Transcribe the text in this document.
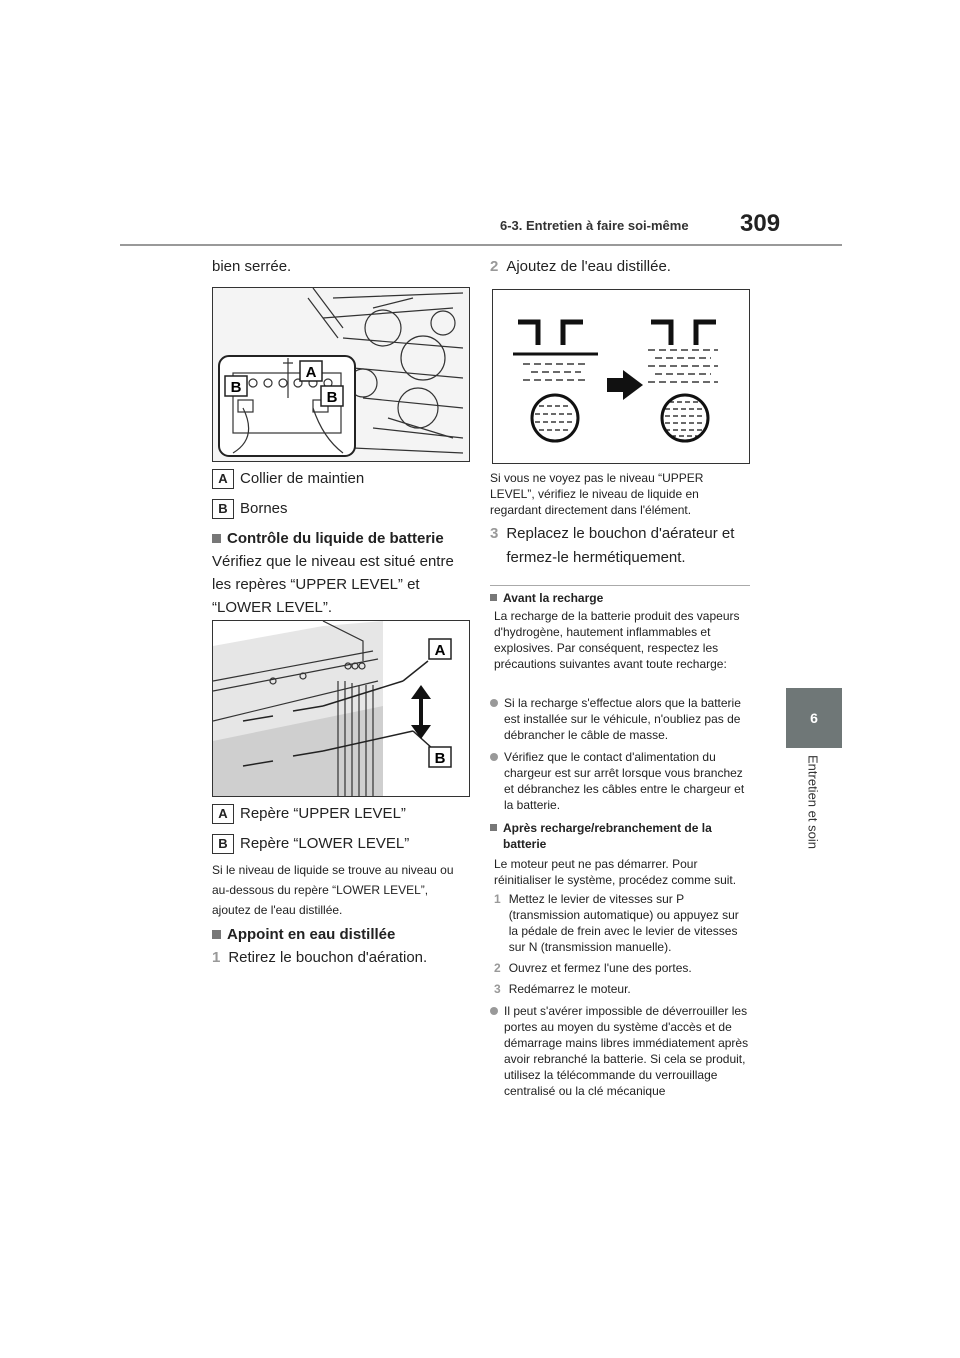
6-3. Entretien à faire soi-même 309
6
Entretien et soin
bien serrée.
B
A
B
A Collier de maintien
B Bornes
Contrôle du liquide de batterie
Vérifiez que le niveau est situé entre les repères “UPPER LEVEL” et “LOWER LEVEL”.
A
B
A Repère “UPPER LEVEL”
B Repère “LOWER LEVEL”
Si le niveau de liquide se trouve au niveau ou au-dessous du repère “LOWER LEVEL”, ajoutez de l'eau distillée.
Appoint en eau distillée
1 Retirez le bouchon d'aération.
2 Ajoutez de l'eau distillée.
Si vous ne voyez pas le niveau “UPPER LEVEL”, vérifiez le niveau de liquide en regardant directement dans l'élément.
3 Replacez le bouchon d'aérateur et fermez-le hermétiquement.
Avant la recharge
La recharge de la batterie produit des vapeurs d'hydrogène, hautement inflammables et explosives. Par conséquent, respectez les précautions suivantes avant toute recharge:
Si la recharge s'effectue alors que la batterie est installée sur le véhicule, n'oubliez pas de débrancher le câble de masse.
Vérifiez que le contact d'alimentation du chargeur est sur arrêt lorsque vous branchez et débranchez les câbles entre le chargeur et la batterie.
Après recharge/rebranchement de la batterie
Le moteur peut ne pas démarrer. Pour réinitialiser le système, procédez comme suit.
1 Mettez le levier de vitesses sur P (transmission automatique) ou appuyez sur la pédale de frein avec le levier de vitesses sur N (transmission manuelle).
2 Ouvrez et fermez l'une des portes.
3 Redémarrez le moteur.
Il peut s'avérer impossible de déverrouiller les portes au moyen du système d'accès et de démarrage mains libres immédiatement après avoir rebranché la batterie. Si cela se produit, utilisez la télécommande du verrouillage centralisé ou la clé mécanique
